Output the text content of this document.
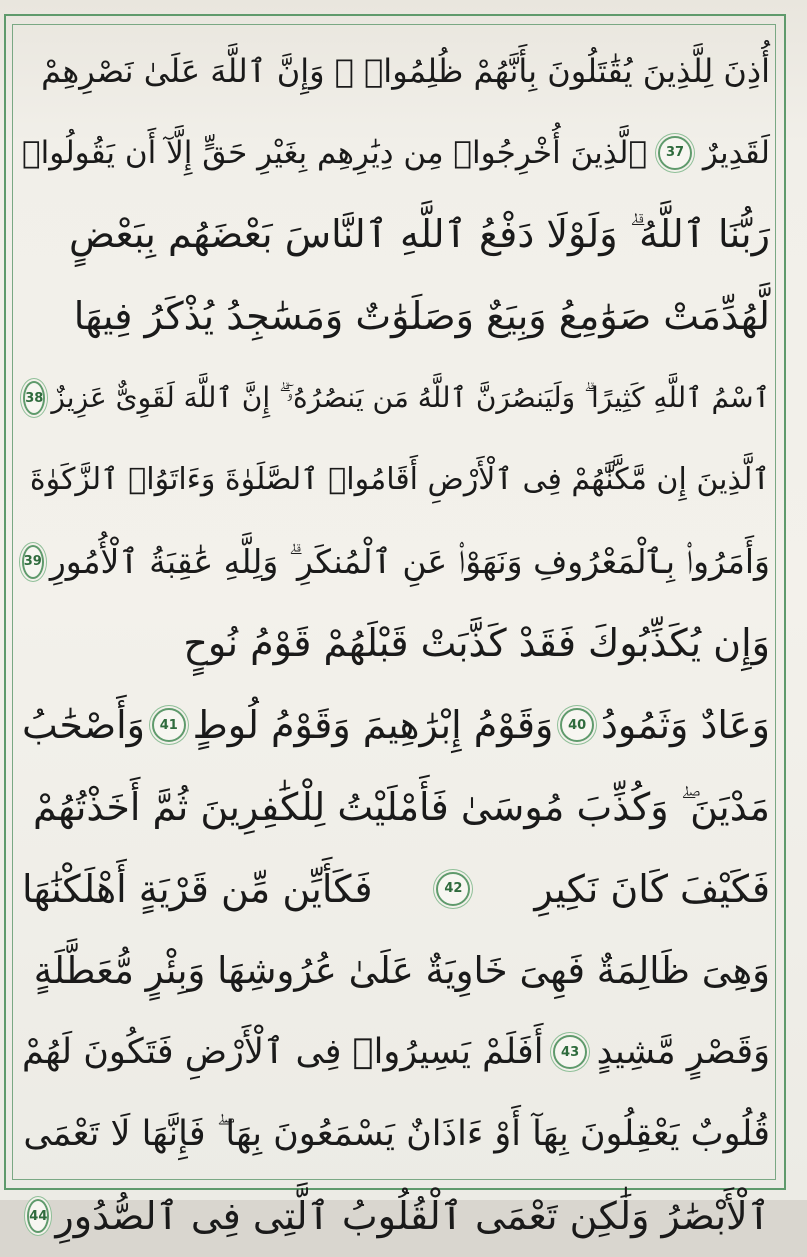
أُذِنَ لِلَّذِينَ يُقَٰتَلُونَ بِأَنَّهُمْ ظُلِمُوا۟ ۚ وَإِنَّ ٱللَّهَ عَلَىٰ نَصْرِهِمْ
لَقَدِيرٌ
37
ٱلَّذِينَ أُخْرِجُوا۟ مِن دِيَٰرِهِم بِغَيْرِ حَقٍّ إِلَّآ أَن يَقُولُوا۟
رَبُّنَا ٱللَّهُ ۗ وَلَوْلَا دَفْعُ ٱللَّهِ ٱلنَّاسَ بَعْضَهُم بِبَعْضٍ
لَّهُدِّمَتْ صَوَٰمِعُ وَبِيَعٌ وَصَلَوَٰتٌ وَمَسَٰجِدُ يُذْكَرُ فِيهَا
ٱسْمُ ٱللَّهِ كَثِيرًا ۗ وَلَيَنصُرَنَّ ٱللَّهُ مَن يَنصُرُهُۥٓ ۗ إِنَّ ٱللَّهَ لَقَوِىٌّ عَزِيزٌ
38
ٱلَّذِينَ إِن مَّكَّنَّٰهُمْ فِى ٱلْأَرْضِ أَقَامُوا۟ ٱلصَّلَوٰةَ وَءَاتَوُا۟ ٱلزَّكَوٰةَ
وَأَمَرُوا۟ بِٱلْمَعْرُوفِ وَنَهَوْا۟ عَنِ ٱلْمُنكَرِ ۗ وَلِلَّهِ عَٰقِبَةُ ٱلْأُمُورِ
39
وَإِن يُكَذِّبُوكَ فَقَدْ كَذَّبَتْ قَبْلَهُمْ قَوْمُ نُوحٍ
وَعَادٌ وَثَمُودُ
40
وَقَوْمُ إِبْرَٰهِيمَ وَقَوْمُ لُوطٍ
41
وَأَصْحَٰبُ
مَدْيَنَ ۖ وَكُذِّبَ مُوسَىٰ فَأَمْلَيْتُ لِلْكَٰفِرِينَ ثُمَّ أَخَذْتُهُمْ
فَكَيْفَ كَانَ نَكِيرِ
42
فَكَأَيِّن مِّن قَرْيَةٍ أَهْلَكْنَٰهَا
وَهِىَ ظَالِمَةٌ فَهِىَ خَاوِيَةٌ عَلَىٰ عُرُوشِهَا وَبِئْرٍ مُّعَطَّلَةٍ
وَقَصْرٍ مَّشِيدٍ
43
أَفَلَمْ يَسِيرُوا۟ فِى ٱلْأَرْضِ فَتَكُونَ لَهُمْ
قُلُوبٌ يَعْقِلُونَ بِهَآ أَوْ ءَاذَانٌ يَسْمَعُونَ بِهَا ۖ فَإِنَّهَا لَا تَعْمَى
ٱلْأَبْصَٰرُ وَلَٰكِن تَعْمَى ٱلْقُلُوبُ ٱلَّتِى فِى ٱلصُّدُورِ
44
